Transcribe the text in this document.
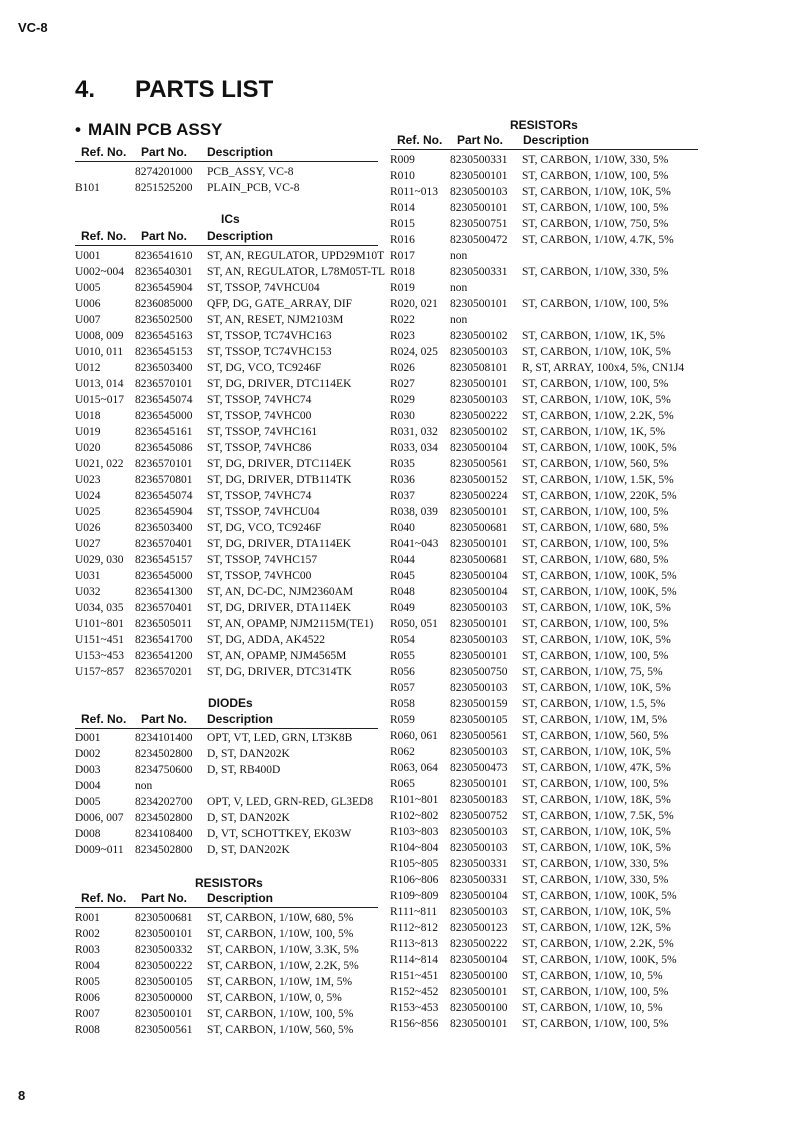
VC-8
4. PARTS LIST
• MAIN PCB ASSY
Ref. No. Part No. Description
8274201000 PCB_ASSY, VC-8
B101	8251525200 PLAIN_PCB, VC-8
ICs
Ref. No. Part No. Description
U001	8236541610 ST, AN, REGULATOR, UPD29M10T
U002~004 8236540301 ST, AN, REGULATOR, L78M05T-TL
U005	8236545904 ST, TSSOP, 74VHCU04
U006	8236085000 QFP, DG, GATE_ARRAY, DIF
U007	8236502500 ST, AN, RESET, NJM2103M
U008, 009 8236545163 ST, TSSOP, TC74VHC163
U010, 011 8236545153 ST, TSSOP, TC74VHC153
U012	8236503400 ST, DG, VCO, TC9246F
U013, 014 8236570101 ST, DG, DRIVER, DTC114EK
U015~017 8236545074 ST, TSSOP, 74VHC74
U018	8236545000 ST, TSSOP, 74VHC00
U019	8236545161 ST, TSSOP, 74VHC161
U020	8236545086 ST, TSSOP, 74VHC86
U021, 022 8236570101 ST, DG, DRIVER, DTC114EK
U023	8236570801 ST, DG, DRIVER, DTB114TK
U024	8236545074 ST, TSSOP, 74VHC74
U025	8236545904 ST, TSSOP, 74VHCU04
U026	8236503400 ST, DG, VCO, TC9246F
U027	8236570401 ST, DG, DRIVER, DTA114EK
U029, 030 8236545157 ST, TSSOP, 74VHC157
U031	8236545000 ST, TSSOP, 74VHC00
U032	8236541300 ST, AN, DC-DC, NJM2360AM
U034, 035 8236570401 ST, DG, DRIVER, DTA114EK
U101~801 8236505011 ST, AN, OPAMP, NJM2115M(TE1)
U151~451 8236541700 ST, DG, ADDA, AK4522
U153~453 8236541200 ST, AN, OPAMP, NJM4565M
U157~857 8236570201 ST, DG, DRIVER, DTC314TK
DIODEs
Ref. No. Part No. Description
D001	8234101400 OPT, VT, LED, GRN, LT3K8B
D002	8234502800 D, ST, DAN202K
D003	8234750600 D, ST, RB400D
D004	non
D005	8234202700 OPT, V, LED, GRN-RED, GL3ED8
D006, 007 8234502800 D, ST, DAN202K
D008	8234108400 D, VT, SCHOTTKEY, EK03W
D009~011 8234502800 D, ST, DAN202K
RESISTORs
Ref. No. Part No. Description
R001	8230500681 ST, CARBON, 1/10W, 680, 5%
R002	8230500101 ST, CARBON, 1/10W, 100, 5%
R003	8230500332 ST, CARBON, 1/10W, 3.3K, 5%
R004	8230500222 ST, CARBON, 1/10W, 2.2K, 5%
R005	8230500105 ST, CARBON, 1/10W, 1M, 5%
R006	8230500000 ST, CARBON, 1/10W, 0, 5%
R007	8230500101 ST, CARBON, 1/10W, 100, 5%
R008	8230500561 ST, CARBON, 1/10W, 560, 5%
RESISTORs
Ref. No. Part No. Description
R009	8230500331 ST, CARBON, 1/10W, 330, 5%
R010	8230500101 ST, CARBON, 1/10W, 100, 5%
R011~013 8230500103 ST, CARBON, 1/10W, 10K, 5%
R014	8230500101 ST, CARBON, 1/10W, 100, 5%
R015	8230500751 ST, CARBON, 1/10W, 750, 5%
R016	8230500472 ST, CARBON, 1/10W, 4.7K, 5%
R017	non
R018	8230500331 ST, CARBON, 1/10W, 330, 5%
R019	non
R020, 021 8230500101 ST, CARBON, 1/10W, 100, 5%
R022	non
R023	8230500102 ST, CARBON, 1/10W, 1K, 5%
R024, 025 8230500103 ST, CARBON, 1/10W, 10K, 5%
R026	8230508101 R, ST, ARRAY, 100x4, 5%, CN1J4
R027	8230500101 ST, CARBON, 1/10W, 100, 5%
R029	8230500103 ST, CARBON, 1/10W, 10K, 5%
R030	8230500222 ST, CARBON, 1/10W, 2.2K, 5%
R031, 032 8230500102 ST, CARBON, 1/10W, 1K, 5%
R033, 034 8230500104 ST, CARBON, 1/10W, 100K, 5%
R035	8230500561 ST, CARBON, 1/10W, 560, 5%
R036	8230500152 ST, CARBON, 1/10W, 1.5K, 5%
R037	8230500224 ST, CARBON, 1/10W, 220K, 5%
R038, 039 8230500101 ST, CARBON, 1/10W, 100, 5%
R040	8230500681 ST, CARBON, 1/10W, 680, 5%
R041~043 8230500101 ST, CARBON, 1/10W, 100, 5%
R044	8230500681 ST, CARBON, 1/10W, 680, 5%
R045	8230500104 ST, CARBON, 1/10W, 100K, 5%
R048	8230500104 ST, CARBON, 1/10W, 100K, 5%
R049	8230500103 ST, CARBON, 1/10W, 10K, 5%
R050, 051 8230500101 ST, CARBON, 1/10W, 100, 5%
R054	8230500103 ST, CARBON, 1/10W, 10K, 5%
R055	8230500101 ST, CARBON, 1/10W, 100, 5%
R056	8230500750 ST, CARBON, 1/10W, 75, 5%
R057	8230500103 ST, CARBON, 1/10W, 10K, 5%
R058	8230500159 ST, CARBON, 1/10W, 1.5, 5%
R059	8230500105 ST, CARBON, 1/10W, 1M, 5%
R060, 061 8230500561 ST, CARBON, 1/10W, 560, 5%
R062	8230500103 ST, CARBON, 1/10W, 10K, 5%
R063, 064 8230500473 ST, CARBON, 1/10W, 47K, 5%
R065	8230500101 ST, CARBON, 1/10W, 100, 5%
R101~801 8230500183 ST, CARBON, 1/10W, 18K, 5%
R102~802 8230500752 ST, CARBON, 1/10W, 7.5K, 5%
R103~803 8230500103 ST, CARBON, 1/10W, 10K, 5%
R104~804 8230500103 ST, CARBON, 1/10W, 10K, 5%
R105~805 8230500331 ST, CARBON, 1/10W, 330, 5%
R106~806 8230500331 ST, CARBON, 1/10W, 330, 5%
R109~809 8230500104 ST, CARBON, 1/10W, 100K, 5%
R111~811 8230500103 ST, CARBON, 1/10W, 10K, 5%
R112~812 8230500123 ST, CARBON, 1/10W, 12K, 5%
R113~813 8230500222 ST, CARBON, 1/10W, 2.2K, 5%
R114~814 8230500104 ST, CARBON, 1/10W, 100K, 5%
R151~451 8230500100 ST, CARBON, 1/10W, 10, 5%
R152~452 8230500101 ST, CARBON, 1/10W, 100, 5%
R153~453 8230500100 ST, CARBON, 1/10W, 10, 5%
R156~856 8230500101 ST, CARBON, 1/10W, 100, 5%
8
